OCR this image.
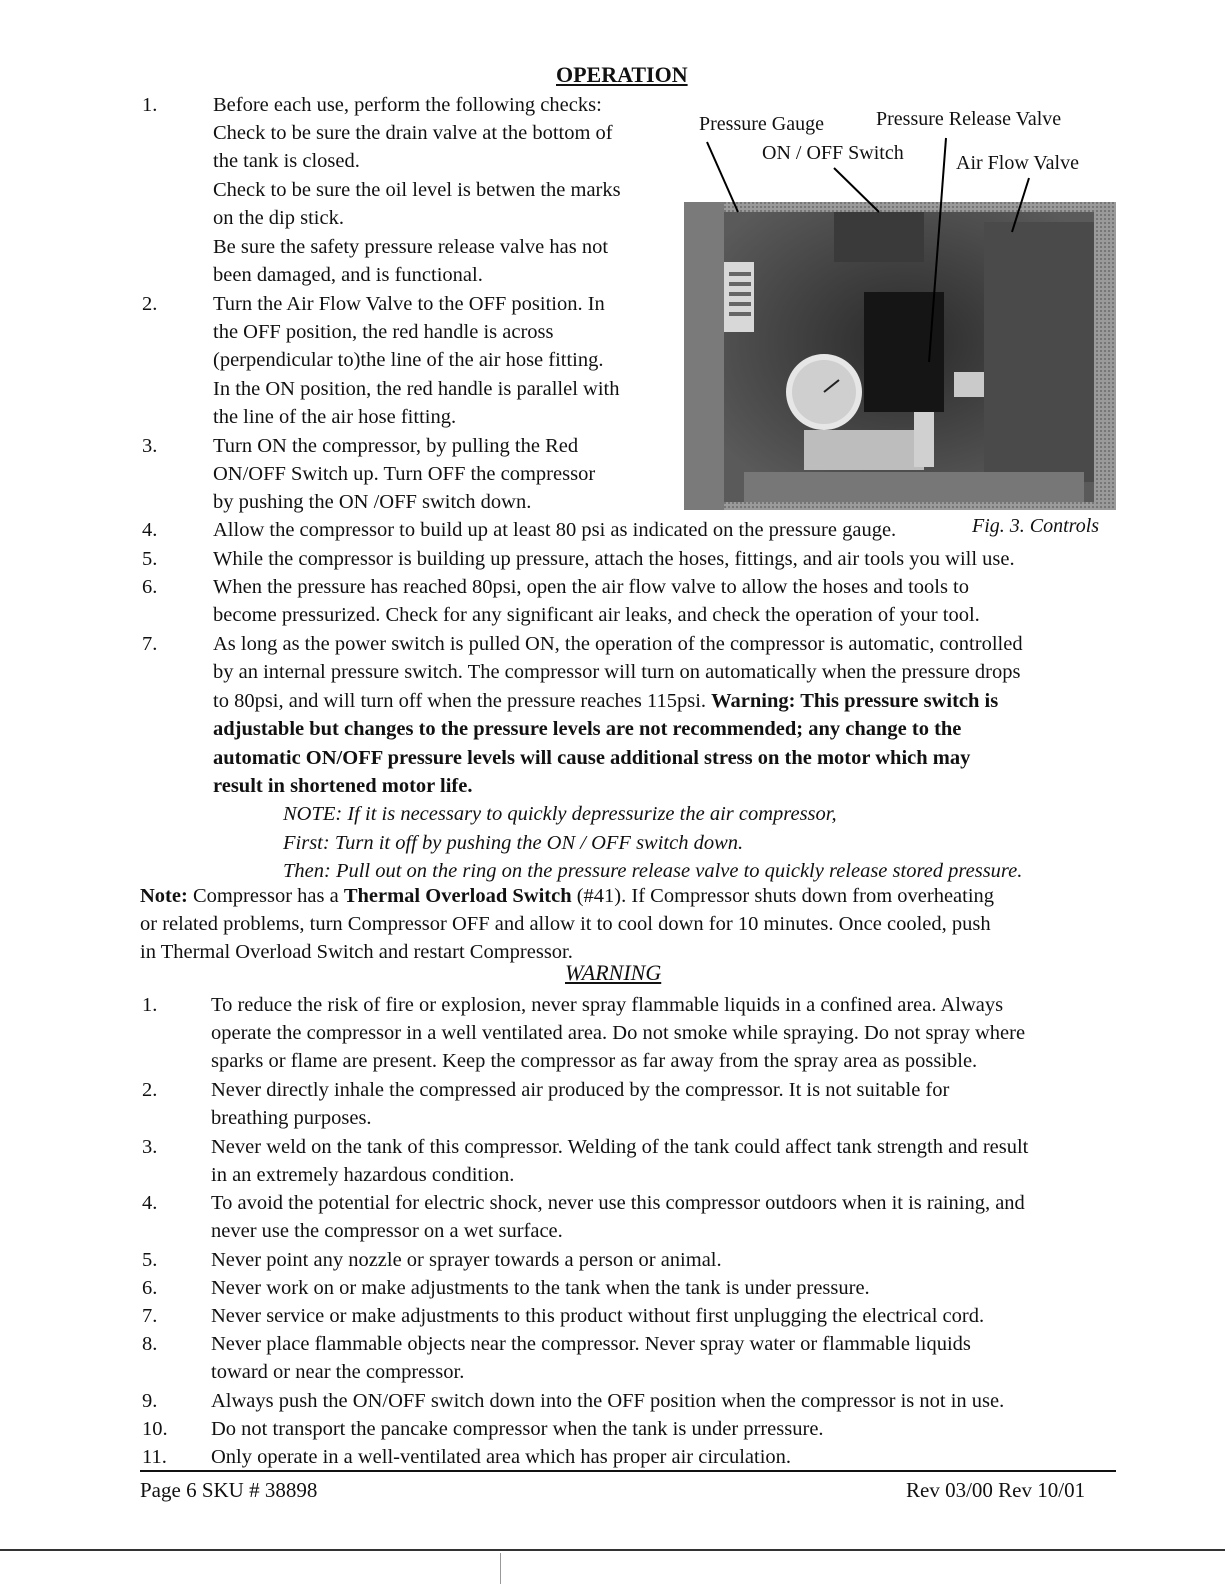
OPERATION
1.	Before each use, perform the following checks:
Check to be sure the drain valve at the bottom of
the tank is closed.
Check to be sure the oil level is betwen the marks
on the dip stick.
Be sure the safety pressure release valve has not
been damaged, and is functional.
2.	Turn the Air Flow Valve to the OFF position. In
the OFF position, the red handle is across
(perpendicular to)the line of the air hose fitting.
In the ON position, the red handle is parallel with
the line of the air hose fitting.
3.	Turn ON the compressor, by pulling the Red
ON/OFF Switch up. Turn OFF the compressor
by pushing the ON /OFF switch down.
Pressure Gauge	Pressure Release Valve
ON / OFF Switch	Air Flow Valve
4.	Allow the compressor to build up at least 80 psi as indicated on the pressure gauge.	Fig. 3. Controls
5.	While the compressor is building up pressure, attach the hoses, fittings, and air tools you will use.
6.	When the pressure has reached 80psi, open the air flow valve to allow the hoses and tools to
become pressurized. Check for any significant air leaks, and check the operation of your tool.
7.	As long as the power switch is pulled ON, the operation of the compressor is automatic, controlled
by an internal pressure switch. The compressor will turn on automatically when the pressure drops
to 80psi, and will turn off when the pressure reaches 115psi. Warning: This pressure switch is
adjustable but changes to the pressure levels are not recommended; any change to the
automatic ON/OFF pressure levels will cause additional stress on the motor which may
result in shortened motor life.
NOTE: If it is necessary to quickly depressurize the air compressor,
First: Turn it off by pushing the ON / OFF switch down.
Then: Pull out on the ring on the pressure release valve to quickly release stored pressure.
Note: Compressor has a Thermal Overload Switch (#41). If Compressor shuts down from overheating
or related problems, turn Compressor OFF and allow it to cool down for 10 minutes. Once cooled, push
in Thermal Overload Switch and restart Compressor.
WARNING
1.	To reduce the risk of fire or explosion, never spray flammable liquids in a confined area. Always
operate the compressor in a well ventilated area. Do not smoke while spraying. Do not spray where
sparks or flame are present. Keep the compressor as far away from the spray area as possible.
2.	Never directly inhale the compressed air produced by the compressor. It is not suitable for
breathing purposes.
3.	Never weld on the tank of this compressor. Welding of the tank could affect tank strength and result
in an extremely hazardous condition.
4.	To avoid the potential for electric shock, never use this compressor outdoors when it is raining, and
never use the compressor on a wet surface.
5.	Never point any nozzle or sprayer towards a person or animal.
6.	Never work on or make adjustments to the tank when the tank is under pressure.
7.	Never service or make adjustments to this product without first unplugging the electrical cord.
8.	Never place flammable objects near the compressor. Never spray water or flammable liquids
toward or near the compressor.
9.	Always push the ON/OFF switch down into the OFF position when the compressor is not in use.
10. Do not transport the pancake compressor when the tank is under prressure.
11. Only operate in a well-ventilated area which has proper air circulation.
Page 6 SKU # 38898	Rev 03/00 Rev 10/01
